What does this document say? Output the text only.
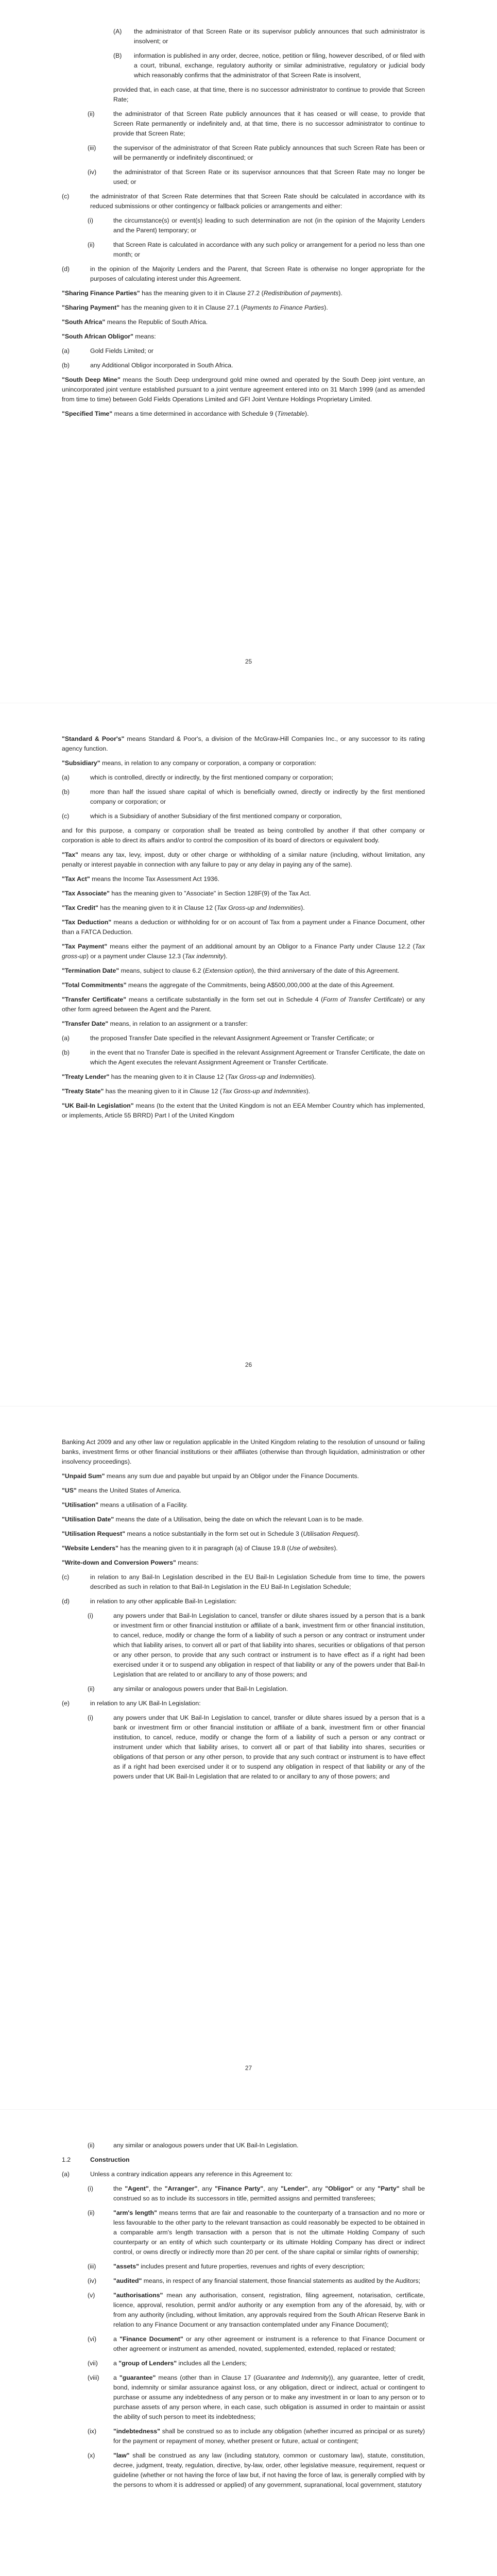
(A) the administrator of that Screen Rate or its supervisor publicly announces that such administrator is insolvent; or
(B) information is published in any order, decree, notice, petition or filing, however described, of or filed with a court, tribunal, exchange, regulatory authority or similar administrative, regulatory or judicial body which reasonably confirms that the administrator of that Screen Rate is insolvent,
provided that, in each case, at that time, there is no successor administrator to continue to provide that Screen Rate;
(ii)	the administrator of that Screen Rate publicly announces that it has ceased or will cease, to provide that Screen Rate permanently or indefinitely and, at that time, there is no successor administrator to continue to provide that Screen Rate;
(iii)	the supervisor of the administrator of that Screen Rate publicly announces that such Screen Rate has been or will be permanently or indefinitely discontinued; or
(iv)	the administrator of that Screen Rate or its supervisor announces that that Screen Rate may no longer be used; or
(c)	the administrator of that Screen Rate determines that that Screen Rate should be calculated in accordance with its reduced submissions or other contingency or fallback policies or arrangements and either:
(i)	the circumstance(s) or event(s) leading to such determination are not (in the opinion of the Majority Lenders and the Parent) temporary; or
(ii)	that Screen Rate is calculated in accordance with any such policy or arrangement for a period no less than one month; or
(d)	in the opinion of the Majority Lenders and the Parent, that Screen Rate is otherwise no longer appropriate for the purposes of calculating interest under this Agreement.
"Sharing Finance Parties" has the meaning given to it in Clause 27.2 (Redistribution of payments).
"Sharing Payment" has the meaning given to it in Clause 27.1 (Payments to Finance Parties).
"South Africa" means the Republic of South Africa.
"South African Obligor" means:
(a)	Gold Fields Limited; or
(b)	any Additional Obligor incorporated in South Africa.
"South Deep Mine" means the South Deep underground gold mine owned and operated by the South Deep joint venture, an unincorporated joint venture established pursuant to a joint venture agreement entered into on 31 March 1999 (and as amended from time to time) between Gold Fields Operations Limited and GFI Joint Venture Holdings Proprietary Limited.
"Specified Time" means a time determined in accordance with Schedule 9 (Timetable).
25
"Standard & Poor's" means Standard & Poor's, a division of the McGraw-Hill Companies Inc., or any successor to its rating agency function.
"Subsidiary" means, in relation to any company or corporation, a company or corporation:
(a)	which is controlled, directly or indirectly, by the first mentioned company or corporation;
(b)	more than half the issued share capital of which is beneficially owned, directly or indirectly by the first mentioned company or corporation; or
(c)	which is a Subsidiary of another Subsidiary of the first mentioned company or corporation,
and for this purpose, a company or corporation shall be treated as being controlled by another if that other company or corporation is able to direct its affairs and/or to control the composition of its board of directors or equivalent body.
"Tax" means any tax, levy, impost, duty or other charge or withholding of a similar nature (including, without limitation, any penalty or interest payable in connection with any failure to pay or any delay in paying any of the same).
"Tax Act" means the Income Tax Assessment Act 1936.
"Tax Associate" has the meaning given to "Associate" in Section 128F(9) of the Tax Act.
"Tax Credit" has the meaning given to it in Clause 12 (Tax Gross-up and Indemnities).
"Tax Deduction" means a deduction or withholding for or on account of Tax from a payment under a Finance Document, other than a FATCA Deduction.
"Tax Payment" means either the payment of an additional amount by an Obligor to a Finance Party under Clause 12.2 (Tax gross-up) or a payment under Clause 12.3 (Tax indemnity).
"Termination Date" means, subject to clause 6.2 (Extension option), the third anniversary of the date of this Agreement.
"Total Commitments" means the aggregate of the Commitments, being A$500,000,000 at the date of this Agreement.
"Transfer Certificate" means a certificate substantially in the form set out in Schedule 4 (Form of Transfer Certificate) or any other form agreed between the Agent and the Parent.
"Transfer Date" means, in relation to an assignment or a transfer:
(a)	the proposed Transfer Date specified in the relevant Assignment Agreement or Transfer Certificate; or
(b)	in the event that no Transfer Date is specified in the relevant Assignment Agreement or Transfer Certificate, the date on which the Agent executes the relevant Assignment Agreement or Transfer Certificate.
"Treaty Lender" has the meaning given to it in Clause 12 (Tax Gross-up and Indemnities).
"Treaty State" has the meaning given to it in Clause 12 (Tax Gross-up and Indemnities).
"UK Bail-In Legislation" means (to the extent that the United Kingdom is not an EEA Member Country which has implemented, or implements, Article 55 BRRD) Part I of the United Kingdom
26
Banking Act 2009 and any other law or regulation applicable in the United Kingdom relating to the resolution of unsound or failing banks, investment firms or other financial institutions or their affiliates (otherwise than through liquidation, administration or other insolvency proceedings).
"Unpaid Sum" means any sum due and payable but unpaid by an Obligor under the Finance Documents.
"US" means the United States of America.
"Utilisation" means a utilisation of a Facility.
"Utilisation Date" means the date of a Utilisation, being the date on which the relevant Loan is to be made.
"Utilisation Request" means a notice substantially in the form set out in Schedule 3 (Utilisation Request).
"Website Lenders" has the meaning given to it in paragraph (a) of Clause 19.8 (Use of websites).
"Write-down and Conversion Powers" means:
(c)	in relation to any Bail-In Legislation described in the EU Bail-In Legislation Schedule from time to time, the powers described as such in relation to that Bail-In Legislation in the EU Bail-In Legislation Schedule;
(d)	in relation to any other applicable Bail-In Legislation:
(i)	any powers under that Bail-In Legislation to cancel, transfer or dilute shares issued by a person that is a bank or investment firm or other financial institution or affiliate of a bank, investment firm or other financial institution, to cancel, reduce, modify or change the form of a liability of such a person or any contract or instrument under which that liability arises, to convert all or part of that liability into shares, securities or obligations of that person or any other person, to provide that any such contract or instrument is to have effect as if a right had been exercised under it or to suspend any obligation in respect of that liability or any of the powers under that Bail-In Legislation that are related to or ancillary to any of those powers; and
(ii)	any similar or analogous powers under that Bail-In Legislation.
(e)	in relation to any UK Bail-In Legislation:
(i)	any powers under that UK Bail-In Legislation to cancel, transfer or dilute shares issued by a person that is a bank or investment firm or other financial institution or affiliate of a bank, investment firm or other financial institution, to cancel, reduce, modify or change the form of a liability of such a person or any contract or instrument under which that liability arises, to convert all or part of that liability into shares, securities or obligations of that person or any other person, to provide that any such contract or instrument is to have effect as if a right had been exercised under it or to suspend any obligation in respect of that liability or any of the powers under that UK Bail-In Legislation that are related to or ancillary to any of those powers; and
27
(ii)	any similar or analogous powers under that UK Bail-In Legislation.
1.2	Construction
(a)	Unless a contrary indication appears any reference in this Agreement to:
(i)	the "Agent", the "Arranger", any "Finance Party", any "Lender", any "Obligor" or any "Party" shall be construed so as to include its successors in title, permitted assigns and permitted transferees;
(ii)	"arm's length" means terms that are fair and reasonable to the counterparty of a transaction and no more or less favourable to the other party to the relevant transaction as could reasonably be expected to be obtained in a comparable arm's length transaction with a person that is not the ultimate Holding Company of such counterparty or an entity of which such counterparty or its ultimate Holding Company has direct or indirect control, or owns directly or indirectly more than 20 per cent. of the share capital or similar rights of ownership;
(iii)	"assets" includes present and future properties, revenues and rights of every description;
(iv)	"audited" means, in respect of any financial statement, those financial statements as audited by the Auditors;
(v)	"authorisations" mean any authorisation, consent, registration, filing agreement, notarisation, certificate, licence, approval, resolution, permit and/or authority or any exemption from any of the aforesaid, by, with or from any authority (including, without limitation, any approvals required from the South African Reserve Bank in relation to any Finance Document or any transaction contemplated under any Finance Document);
(vi)	a "Finance Document" or any other agreement or instrument is a reference to that Finance Document or other agreement or instrument as amended, novated, supplemented, extended, replaced or restated;
(vii) a "group of Lenders" includes all the Lenders;
(viii) a "guarantee" means (other than in Clause 17 (Guarantee and Indemnity)), any guarantee, letter of credit, bond, indemnity or similar assurance against loss, or any obligation, direct or indirect, actual or contingent to purchase or assume any indebtedness of any person or to make any investment in or loan to any person or to purchase assets of any person where, in each case, such obligation is assumed in order to maintain or assist the ability of such person to meet its indebtedness;
(ix)	"indebtedness" shall be construed so as to include any obligation (whether incurred as principal or as surety) for the payment or repayment of money, whether present or future, actual or contingent;
(x)	"law" shall be construed as any law (including statutory, common or customary law), statute, constitution, decree, judgment, treaty, regulation, directive, by-law, order, other legislative measure, requirement, request or guideline (whether or not having the force of law but, if not having the force of law, is generally complied with by the persons to whom it is addressed or applied) of any government, supranational, local government, statutory
